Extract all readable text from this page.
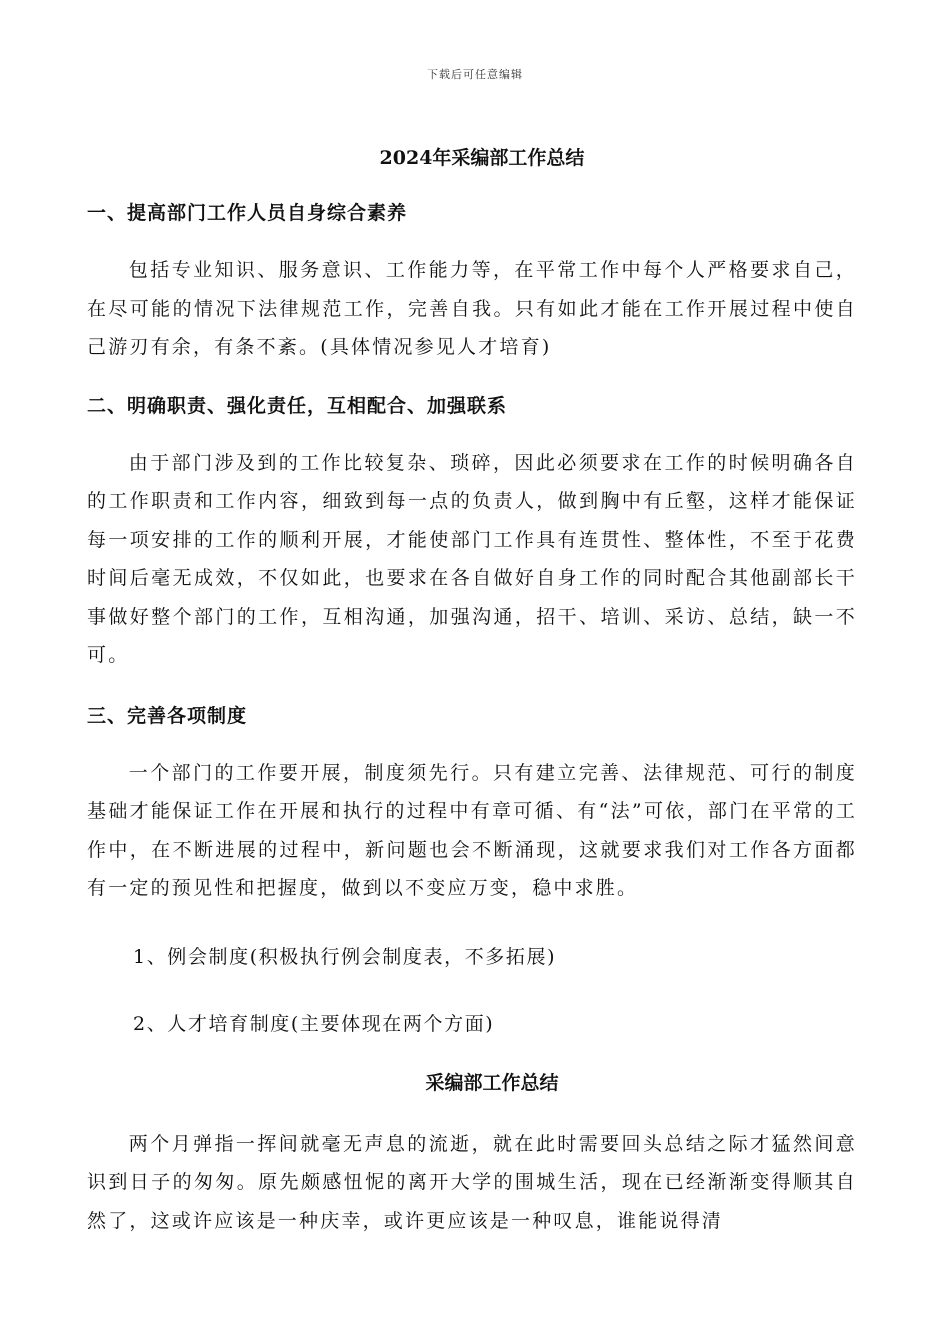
下载后可任意编辑
2024年采编部工作总结
一、提高部门工作人员自身综合素养

包括专业知识、服务意识、工作能力等，在平常工作中每个人严格要求自己，在尽可能的情况下法律规范工作，完善自我。只有如此才能在工作开展过程中使自己游刃有余，有条不紊。(具体情况参见人才培育)

二、明确职责、强化责任，互相配合、加强联系

由于部门涉及到的工作比较复杂、琐碎，因此必须要求在工作的时候明确各自的工作职责和工作内容，细致到每一点的负责人，做到胸中有丘壑，这样才能保证每一项安排的工作的顺利开展，才能使部门工作具有连贯性、整体性，不至于花费时间后毫无成效，不仅如此，也要求在各自做好自身工作的同时配合其他副部长干事做好整个部门的工作，互相沟通，加强沟通，招干、培训、采访、总结，缺一不可。

三、完善各项制度

一个部门的工作要开展，制度须先行。只有建立完善、法律规范、可行的制度基础才能保证工作在开展和执行的过程中有章可循、有“法”可依，部门在平常的工作中，在不断进展的过程中，新问题也会不断涌现，这就要求我们对工作各方面都有一定的预见性和把握度，做到以不变应万变，稳中求胜。

1、例会制度(积极执行例会制度表，不多拓展)

2、人才培育制度(主要体现在两个方面)

采编部工作总结

两个月弹指一挥间就毫无声息的流逝，就在此时需要回头总结之际才猛然间意识到日子的匆匆。原先颇感忸怩的离开大学的围城生活，现在已经渐渐变得顺其自然了，这或许应该是一种庆幸，或许更应该是一种叹息，谁能说得清
